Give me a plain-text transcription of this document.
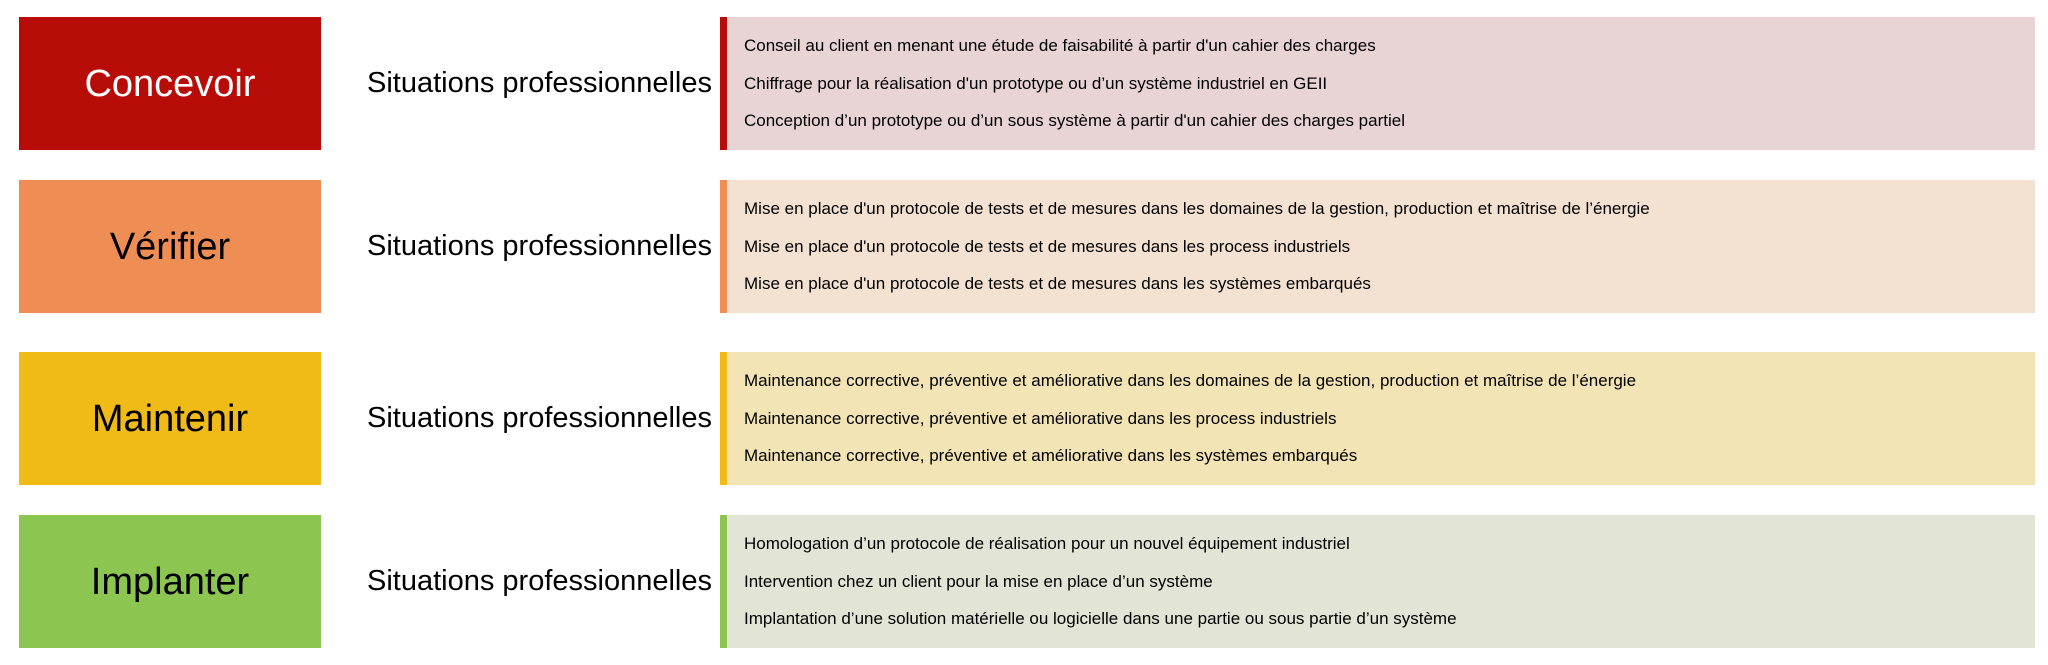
Concevoir	Situations professionnelles
Conseil au client en menant une étude de faisabilité à partir d'un cahier des charges
Chiffrage pour la réalisation d'un prototype ou d’un système industriel en GEII
Conception d’un prototype ou d’un sous système à partir d'un cahier des charges partiel
Vérifier	Situations professionnelles
Mise en place d'un protocole de tests et de mesures dans les domaines de la gestion, production et maîtrise de l’énergie
Mise en place d'un protocole de tests et de mesures dans les process industriels
Mise en place d'un protocole de tests et de mesures dans les systèmes embarqués
Maintenir	Situations professionnelles
Maintenance corrective, préventive et améliorative dans les domaines de la gestion, production et maîtrise de l’énergie
Maintenance corrective, préventive et améliorative dans les process industriels
Maintenance corrective, préventive et améliorative dans les systèmes embarqués
Implanter	Situations professionnelles
Homologation d’un protocole de réalisation pour un nouvel équipement industriel
Intervention chez un client pour la mise en place d’un système
Implantation d’une solution matérielle ou logicielle dans une partie ou sous partie d’un système
